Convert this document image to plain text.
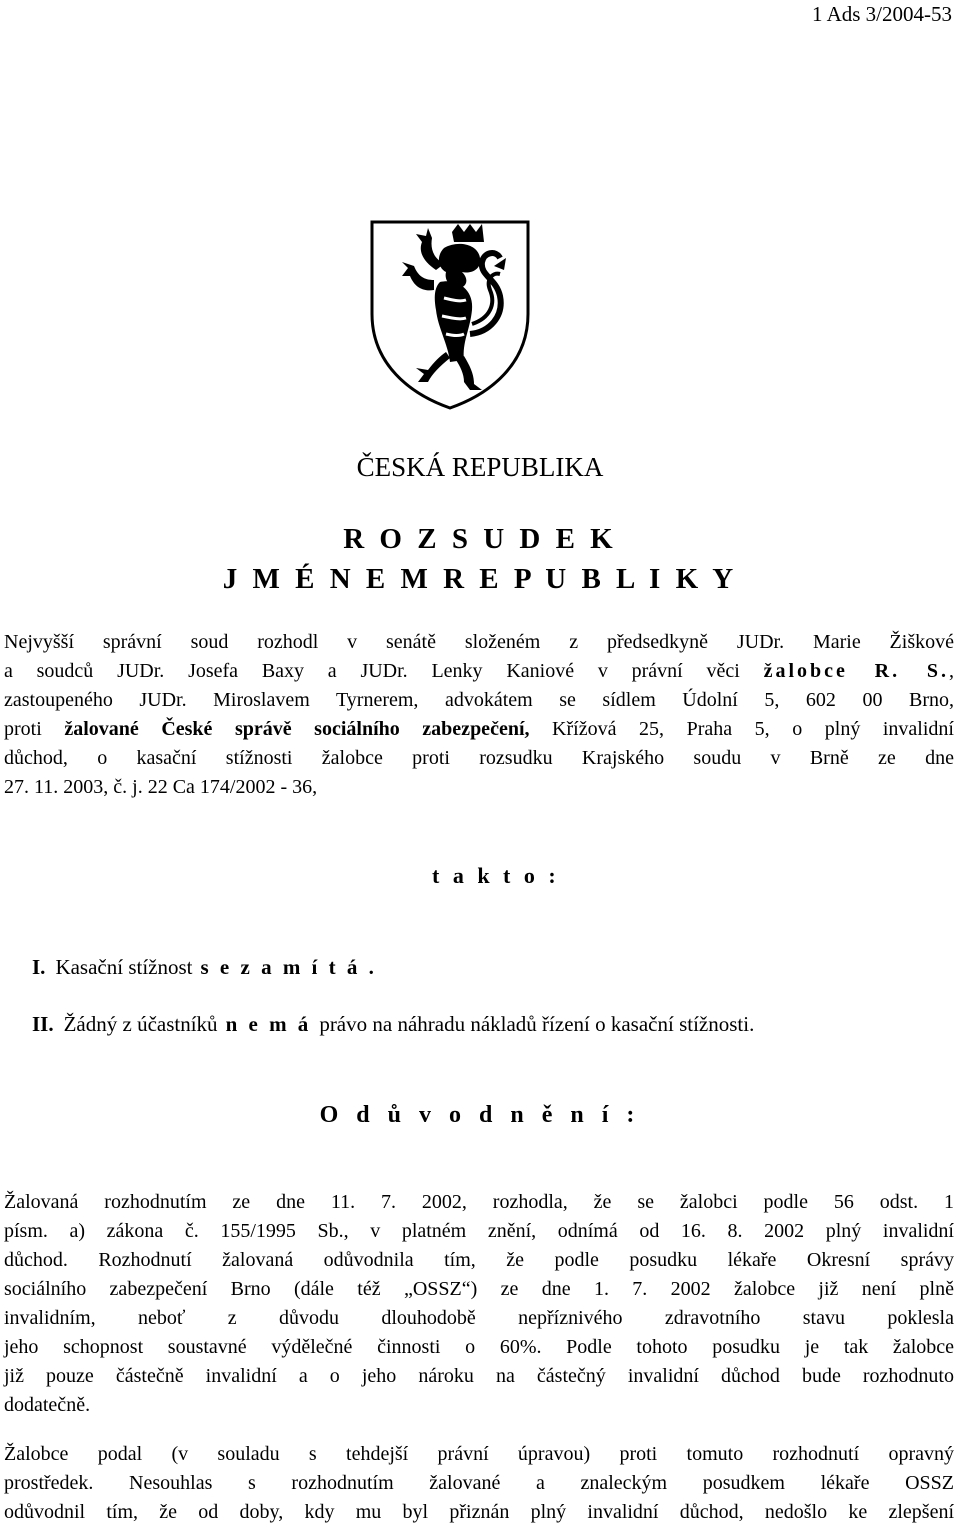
1 Ads 3/2004-53
ČESKÁ REPUBLIKA
R O Z S U D E K
J M É N E M R E P U B L I K Y
Nejvyšší správní soud rozhodl v senátě složeném z předsedkyně JUDr. Marie Žiškové
a soudců JUDr. Josefa Baxy a JUDr. Lenky Kaniové v právní věci žalobce R. S.,
zastoupeného JUDr. Miroslavem Tyrnerem, advokátem se sídlem Údolní 5, 602 00 Brno,
proti žalované České správě sociálního zabezpečení, Křížová 25, Praha 5, o plný invalidní
důchod, o kasační stížnosti žalobce proti rozsudku Krajského soudu v Brně ze dne
27. 11. 2003, č. j. 22 Ca 174/2002 - 36,
t a k t o :
I. Kasační stížnost s e z a m í t á .
II. Žádný z účastníků n e m á právo na náhradu nákladů řízení o kasační stížnosti.
O d ů v o d n ě n í :
Žalovaná rozhodnutím ze dne 11. 7. 2002, rozhodla, že se žalobci podle 56 odst. 1
písm. a) zákona č. 155/1995 Sb., v platném znění, odnímá od 16. 8. 2002 plný invalidní
důchod. Rozhodnutí žalovaná odůvodnila tím, že podle posudku lékaře Okresní správy
sociálního zabezpečení Brno (dále též „OSSZ“) ze dne 1. 7. 2002 žalobce již není plně
invalidním, neboť z důvodu dlouhodobě nepříznivého zdravotního stavu poklesla
jeho schopnost soustavné výdělečné činnosti o 60%. Podle tohoto posudku je tak žalobce
již pouze částečně invalidní a o jeho nároku na částečný invalidní důchod bude rozhodnuto
dodatečně.
Žalobce podal (v souladu s tehdejší právní úpravou) proti tomuto rozhodnutí opravný
prostředek. Nesouhlas s rozhodnutím žalované a znaleckým posudkem lékaře OSSZ
odůvodnil tím, že od doby, kdy mu byl přiznán plný invalidní důchod, nedošlo ke zlepšení
